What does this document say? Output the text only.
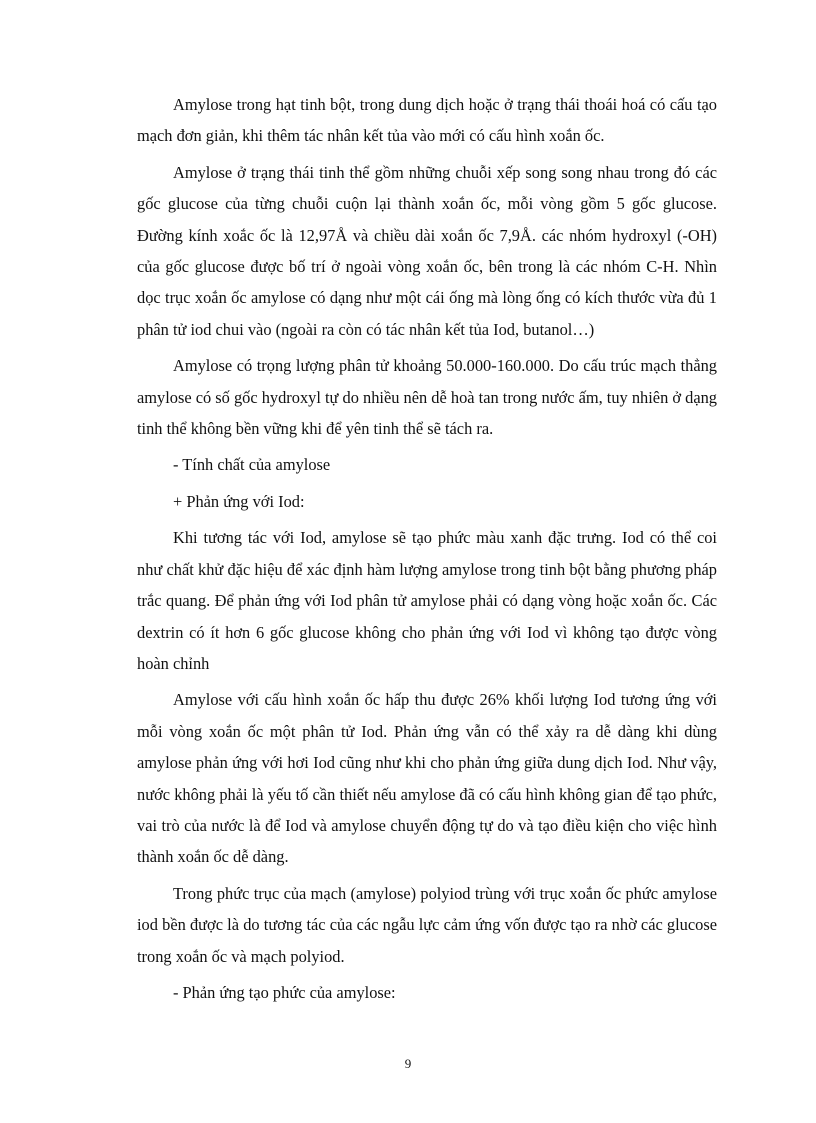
Amylose trong hạt tinh bột, trong dung dịch hoặc ở trạng thái thoái hoá có cấu tạo mạch đơn giản, khi thêm tác nhân kết tủa vào mới có cấu hình xoắn ốc.

Amylose ở trạng thái tinh thể gồm những chuỗi xếp song song nhau trong đó các gốc glucose của từng chuỗi cuộn lại thành xoắn ốc, mỗi vòng gồm 5 gốc glucose. Đường kính xoắc ốc là 12,97Å và chiều dài xoắn ốc 7,9Å. các nhóm hydroxyl (-OH) của gốc glucose được bố trí ở ngoài vòng xoắn ốc, bên trong là các nhóm C-H. Nhìn dọc trục xoắn ốc amylose có dạng như một cái ống mà lòng ống có kích thước vừa đủ 1 phân tử iod chui vào (ngoài ra còn có tác nhân kết tủa Iod, butanol…)

Amylose có trọng lượng phân tử khoảng 50.000-160.000. Do cấu trúc mạch thẳng amylose có số gốc hydroxyl tự do nhiều nên dễ hoà tan trong nước ấm, tuy nhiên ở dạng tinh thể không bền vững khi để yên tinh thể sẽ tách ra.

- Tính chất của amylose

+ Phản ứng với Iod:

Khi tương tác với Iod, amylose sẽ tạo phức màu xanh đặc trưng. Iod có thể coi như chất khử đặc hiệu để xác định hàm lượng amylose trong tinh bột bằng phương pháp trắc quang. Để phản ứng với Iod phân tử amylose phải có dạng vòng hoặc xoắn ốc. Các dextrin có ít hơn 6 gốc glucose không cho phản ứng với Iod vì không tạo được vòng hoàn chỉnh

Amylose với cấu hình xoắn ốc hấp thu được 26% khối lượng Iod tương ứng với mỗi vòng xoắn ốc một phân tử Iod. Phản ứng vẫn có thể xảy ra dễ dàng khi dùng amylose phản ứng với hơi Iod cũng như khi cho phản ứng giữa dung dịch Iod. Như vậy, nước không phải là yếu tố cần thiết nếu amylose đã có cấu hình không gian để tạo phức, vai trò của nước là để Iod và amylose chuyển động tự do và tạo điều kiện cho việc hình thành xoắn ốc dễ dàng.

Trong phức trục của mạch (amylose) polyiod trùng với trục xoắn ốc phức amylose iod bền được là do tương tác của các ngẫu lực cảm ứng vốn được tạo ra nhờ các glucose trong xoắn ốc và mạch polyiod.

- Phản ứng tạo phức của amylose:

9
